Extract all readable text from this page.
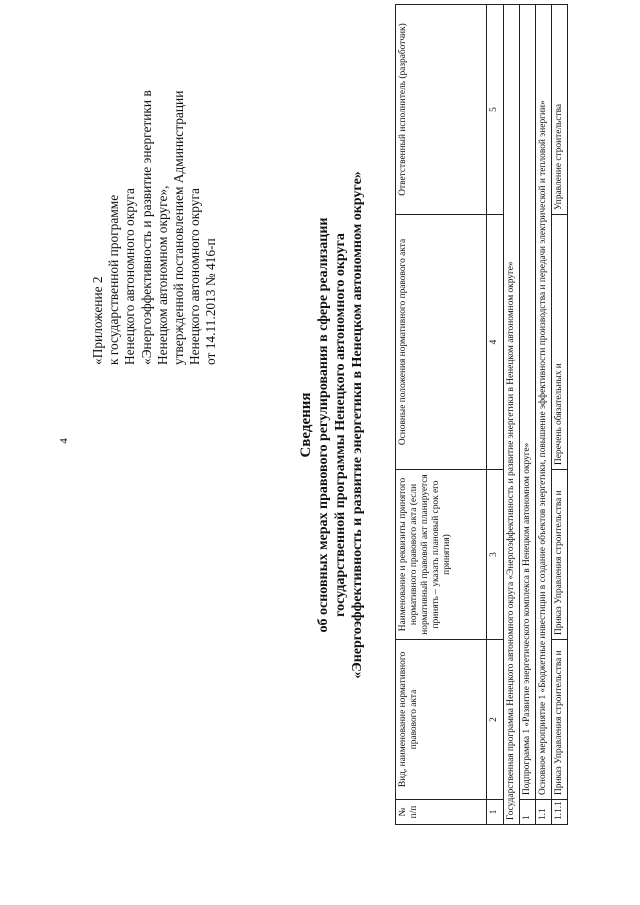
4
«Приложение 2 к государственной программе Ненецкого автономного округа «Энергоэффективность и развитие энергетики в Ненецком автономном округе», утвержденной постановлением Администрации Ненецкого автономного округа от 14.11.2013 № 416-п
Сведения об основных мерах правового регулирования в сфере реализации государственной программы Ненецкого автономного округа «Энергоэффективность и развитие энергетики в Ненецком автономном округе»
№ п/п	Вид, наименование нормативного правового акта	Наименование и реквизиты принятого нормативного правового акта (если нормативный правовой акт планируется принять – указать плановый срок его принятия)	Основные положения нормативного правового акта	Ответственный исполнитель (разработчик)
1	2	3	4	5
Государственная программа Ненецкого автономного округа «Энергоэффективность и развитие энергетики в Ненецком автономном округе»				
1	Подпрограмма 1 «Развитие энергетического комплекса в Ненецком автономном округе»			
1.1	Основное мероприятие 1 «Бюджетные инвестиции в создание объектов энергетики, повышение эффективности производства и передачи электрической и тепловой энергии»			
1.1.1	Приказ Управления строительства и	Приказ Управления строительства и	Перечень обязательных и	Управление строительства
